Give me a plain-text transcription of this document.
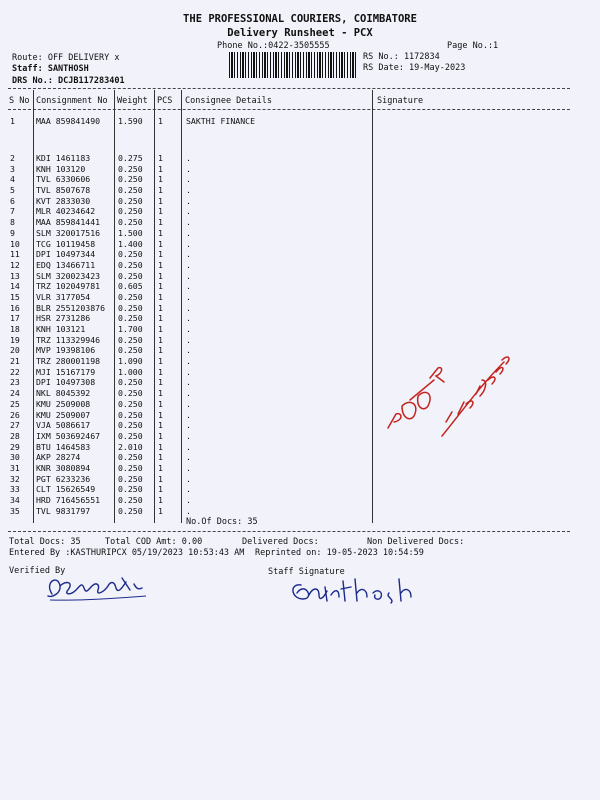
THE PROFESSIONAL COURIERS, COIMBATORE
Delivery Runsheet - PCX
Phone No.:0422-3505555	Page No.:1
Route: OFF DELIVERY x
Staff: SANTHOSH
DRS No.: DCJB117283401
RS No.: 1172834
RS Date: 19-May-2023
S No Consignment No Weight PCS Consignee Details	Signature
1	MAA 859841490 1.590 1	SAKTHI FINANCE
2	KDI 1461183	0.275 1	.
3	KNH 103120	0.250 1	.
4	TVL 6330606	0.250 1	.
5	TVL 8507678	0.250 1	.
6	KVT 2833030	0.250 1	.
7	MLR 40234642	0.250 1	.
8	MAA 859841441 0.250 1	.
9	SLM 320017516 1.500 1	.
10 TCG 10119458	1.400 1	.
11 DPI 10497344	0.250 1	.
12 EDQ 13466711	0.250 1	.
13 SLM 320023423 0.250 1	.
14 TRZ 102049781 0.605 1	.
15 VLR 3177054	0.250 1	.
16 BLR 2551203876 0.250 1	.
17 HSR 2731286	0.250 1	.
18 KNH 103121	1.700 1	.
19 TRZ 113329946 0.250 1	.
20 MVP 19398106	0.250 1	.
21 TRZ 280001198 1.090 1	.
22 MJI 15167179	1.000 1	.
23 DPI 10497308	0.250 1	.
24 NKL 8045392	0.250 1	.
25 KMU 2509008	0.250 1	.
26 KMU 2509007	0.250 1	.
27 VJA 5086617	0.250 1	.
28 IXM 503692467 0.250 1	.
29 BTU 1464583	2.010 1	.
30 AKP 28274	0.250 1	.
31 KNR 3080894	0.250 1	.
32 PGT 6233236	0.250 1	.
33 CLT 15626549	0.250 1	.
34 HRD 716456551 0.250 1	.
35 TVL 9831797	0.250 1	.
No.Of Docs: 35
Total Docs: 35	Total COD Amt: 0.00	Delivered Docs:	Non Delivered Docs:
Entered By :KASTHURIPCX 05/19/2023 10:53:43 AM Reprinted on: 19-05-2023 10:54:59
Verified By	Staff Signature
